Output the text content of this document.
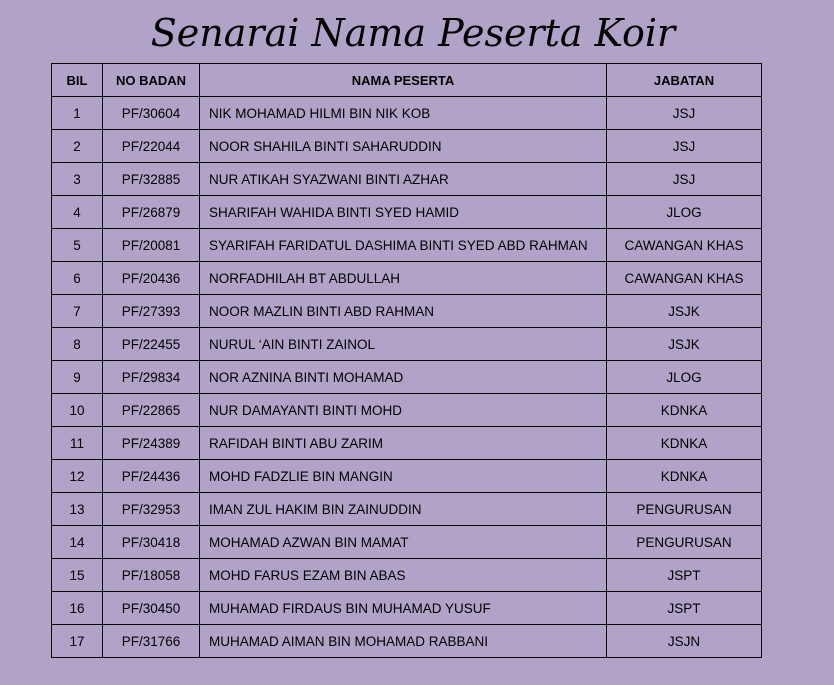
Senarai Nama Peserta Koir
BIL	NO BADAN	NAMA PESERTA	JABATAN
1	PF/30604	NIK MOHAMAD HILMI BIN NIK KOB	JSJ
2	PF/22044	NOOR SHAHILA BINTI SAHARUDDIN	JSJ
3	PF/32885	NUR ATIKAH SYAZWANI BINTI AZHAR	JSJ
4	PF/26879	SHARIFAH WAHIDA BINTI SYED HAMID	JLOG
5	PF/20081	SYARIFAH FARIDATUL DASHIMA BINTI SYED ABD RAHMAN	CAWANGAN KHAS
6	PF/20436	NORFADHILAH BT ABDULLAH	CAWANGAN KHAS
7	PF/27393	NOOR MAZLIN BINTI ABD RAHMAN	JSJK
8	PF/22455	NURUL ‘AIN BINTI ZAINOL	JSJK
9	PF/29834	NOR AZNINA BINTI MOHAMAD	JLOG
10	PF/22865	NUR DAMAYANTI BINTI MOHD	KDNKA
11	PF/24389	RAFIDAH BINTI ABU ZARIM	KDNKA
12	PF/24436	MOHD FADZLIE BIN MANGIN	KDNKA
13	PF/32953	IMAN ZUL HAKIM BIN ZAINUDDIN	PENGURUSAN
14	PF/30418	MOHAMAD AZWAN BIN MAMAT	PENGURUSAN
15	PF/18058	MOHD FARUS EZAM BIN ABAS	JSPT
16	PF/30450	MUHAMAD FIRDAUS BIN MUHAMAD YUSUF	JSPT
17	PF/31766	MUHAMAD AIMAN BIN MOHAMAD RABBANI	JSJN
